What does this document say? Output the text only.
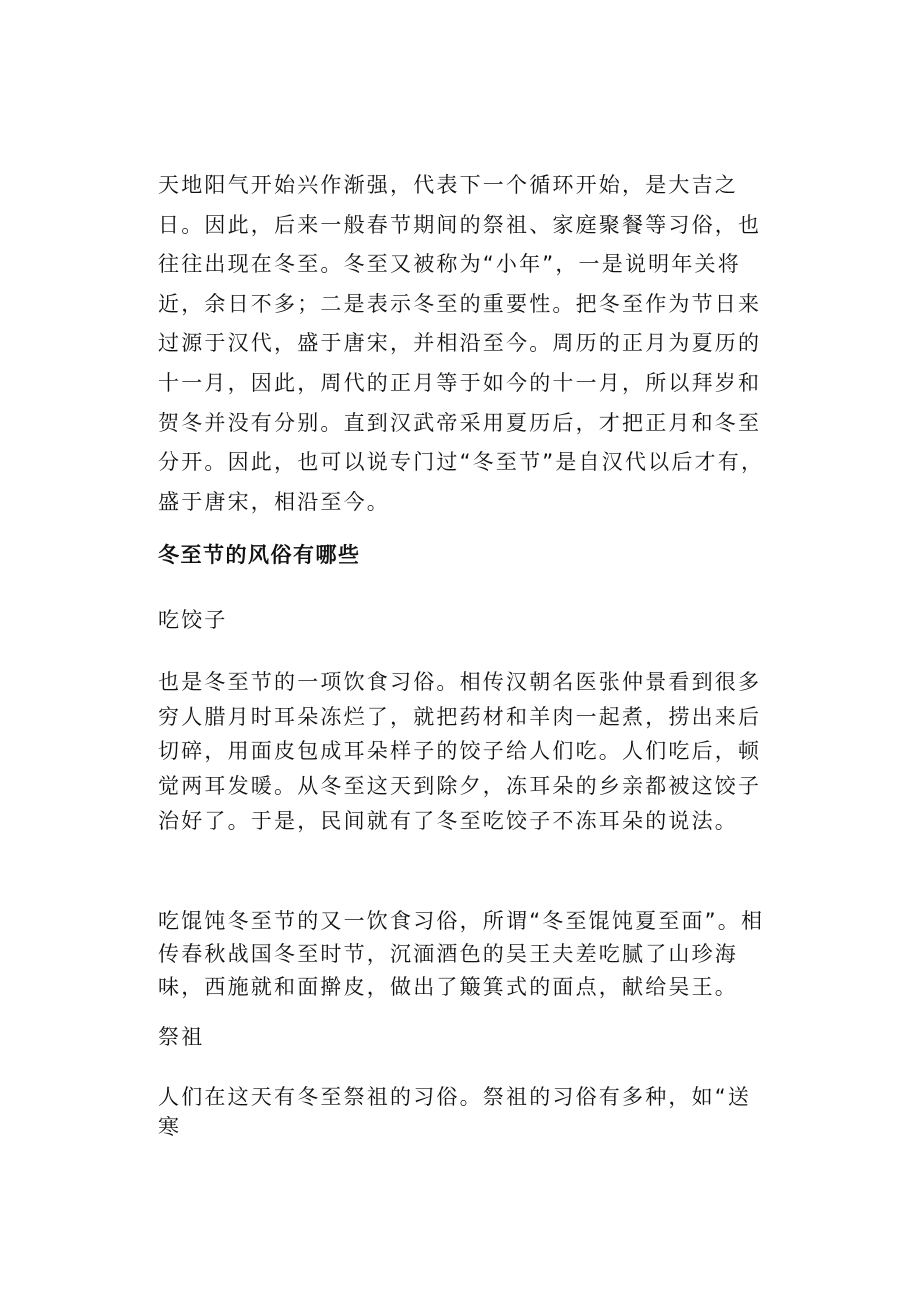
天地阳气开始兴作渐强，代表下一个循环开始，是大吉之日。因此，后来一般春节期间的祭祖、家庭聚餐等习俗，也往往出现在冬至。冬至又被称为“小年”，一是说明年关将近，余日不多；二是表示冬至的重要性。把冬至作为节日来过源于汉代，盛于唐宋，并相沿至今。周历的正月为夏历的十一月，因此，周代的正月等于如今的十一月，所以拜岁和贺冬并没有分别。直到汉武帝采用夏历后，才把正月和冬至分开。因此，也可以说专门过“冬至节”是自汉代以后才有，盛于唐宋，相沿至今。

冬至节的风俗有哪些

吃饺子

也是冬至节的一项饮食习俗。相传汉朝名医张仲景看到很多穷人腊月时耳朵冻烂了，就把药材和羊肉一起煮，捞出来后切碎，用面皮包成耳朵样子的饺子给人们吃。人们吃后，顿觉两耳发暖。从冬至这天到除夕，冻耳朵的乡亲都被这饺子治好了。于是，民间就有了冬至吃饺子不冻耳朵的说法。

吃馄饨冬至节的又一饮食习俗，所谓“冬至馄饨夏至面”。相传春秋战国冬至时节，沉湎酒色的吴王夫差吃腻了山珍海味，西施就和面擀皮，做出了簸箕式的面点，献给吴王。

祭祖

人们在这天有冬至祭祖的习俗。祭祖的习俗有多种，如“送寒
